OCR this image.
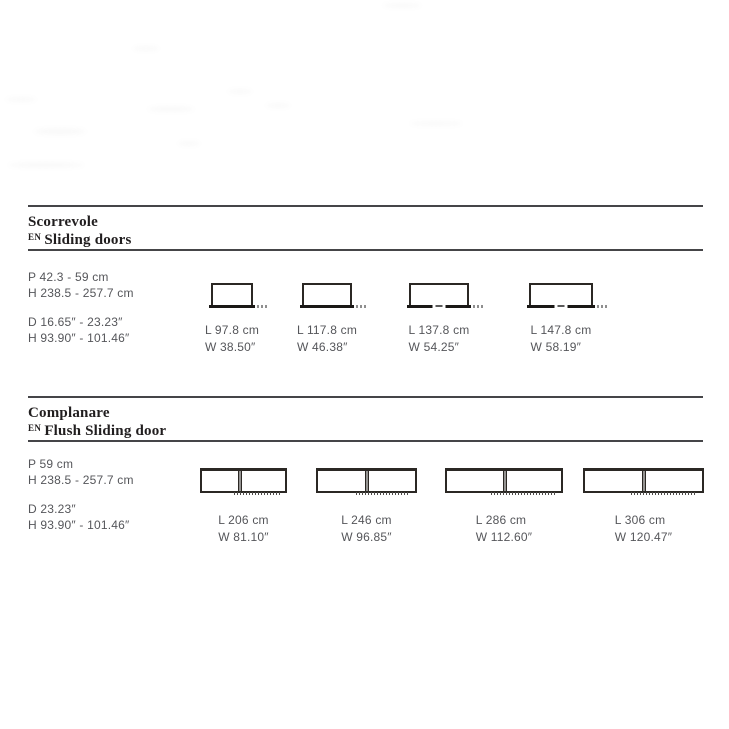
Scorrevole
$^{EN}$ Sliding doors
P 42.3 - 59 cm
H 238.5 - 257.7 cm
D 16.65″ - 23.23″
H 93.90″ - 101.46″
L 97.8 cm
W 38.50″
L 117.8 cm
W 46.38″
L 137.8 cm
W 54.25″
L 147.8 cm
W 58.19″
Complanare
$^{EN}$ Flush Sliding door
P 59 cm
H 238.5 - 257.7 cm
D 23.23″
H 93.90″ - 101.46″	L 206 cm
W 81.10″
L 246 cm
W 96.85″
L 286 cm
W 112.60″
L 306 cm
W 120.47″
